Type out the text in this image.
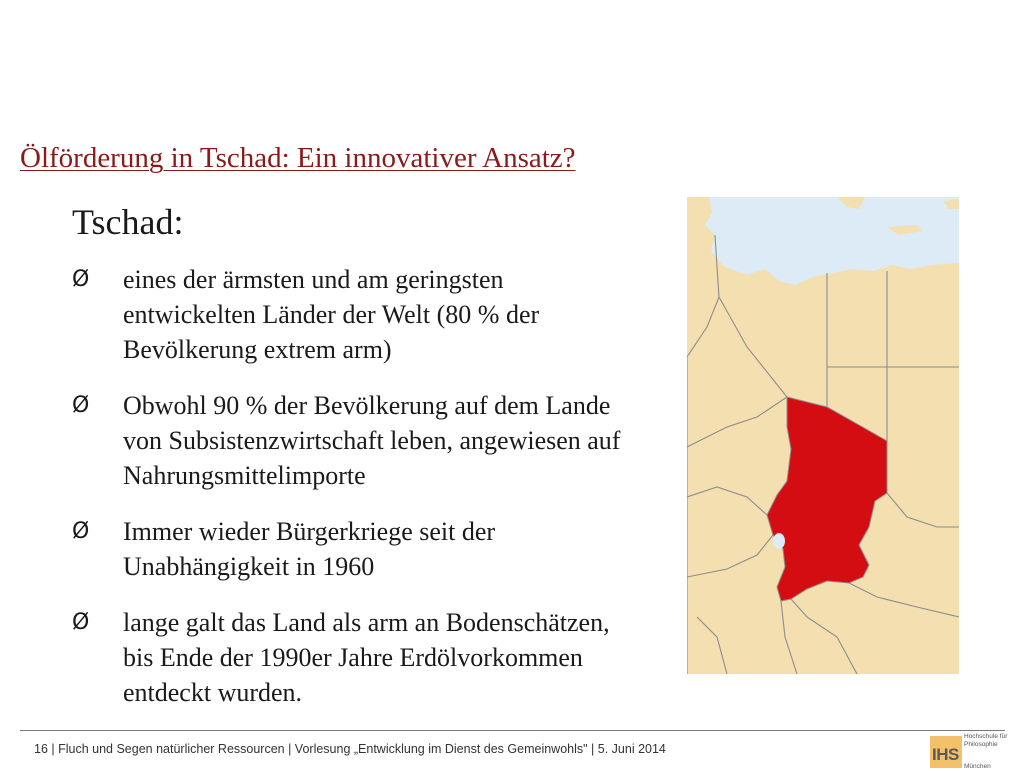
Ölförderung in Tschad: Ein innovativer Ansatz?
Tschad:
Ø eines der ärmsten und am geringsten entwickelten Länder der Welt (80 % der Bevölkerung extrem arm)
Ø Obwohl 90 % der Bevölkerung auf dem Lande von Subsistenzwirtschaft leben, angewiesen auf Nahrungsmittelimporte
Ø Immer wieder Bürgerkriege seit der Unabhängigkeit in 1960
Ø lange galt das Land als arm an Bodenschätzen, bis Ende der 1990er Jahre Erdölvorkommen entdeckt wurden.
16 | Fluch und Segen natürlicher Ressourcen | Vorlesung „Entwicklung im Dienst des Gemeinwohls" | 5. Juni 2014	IHS
Hochschule für
Philosophie
München
